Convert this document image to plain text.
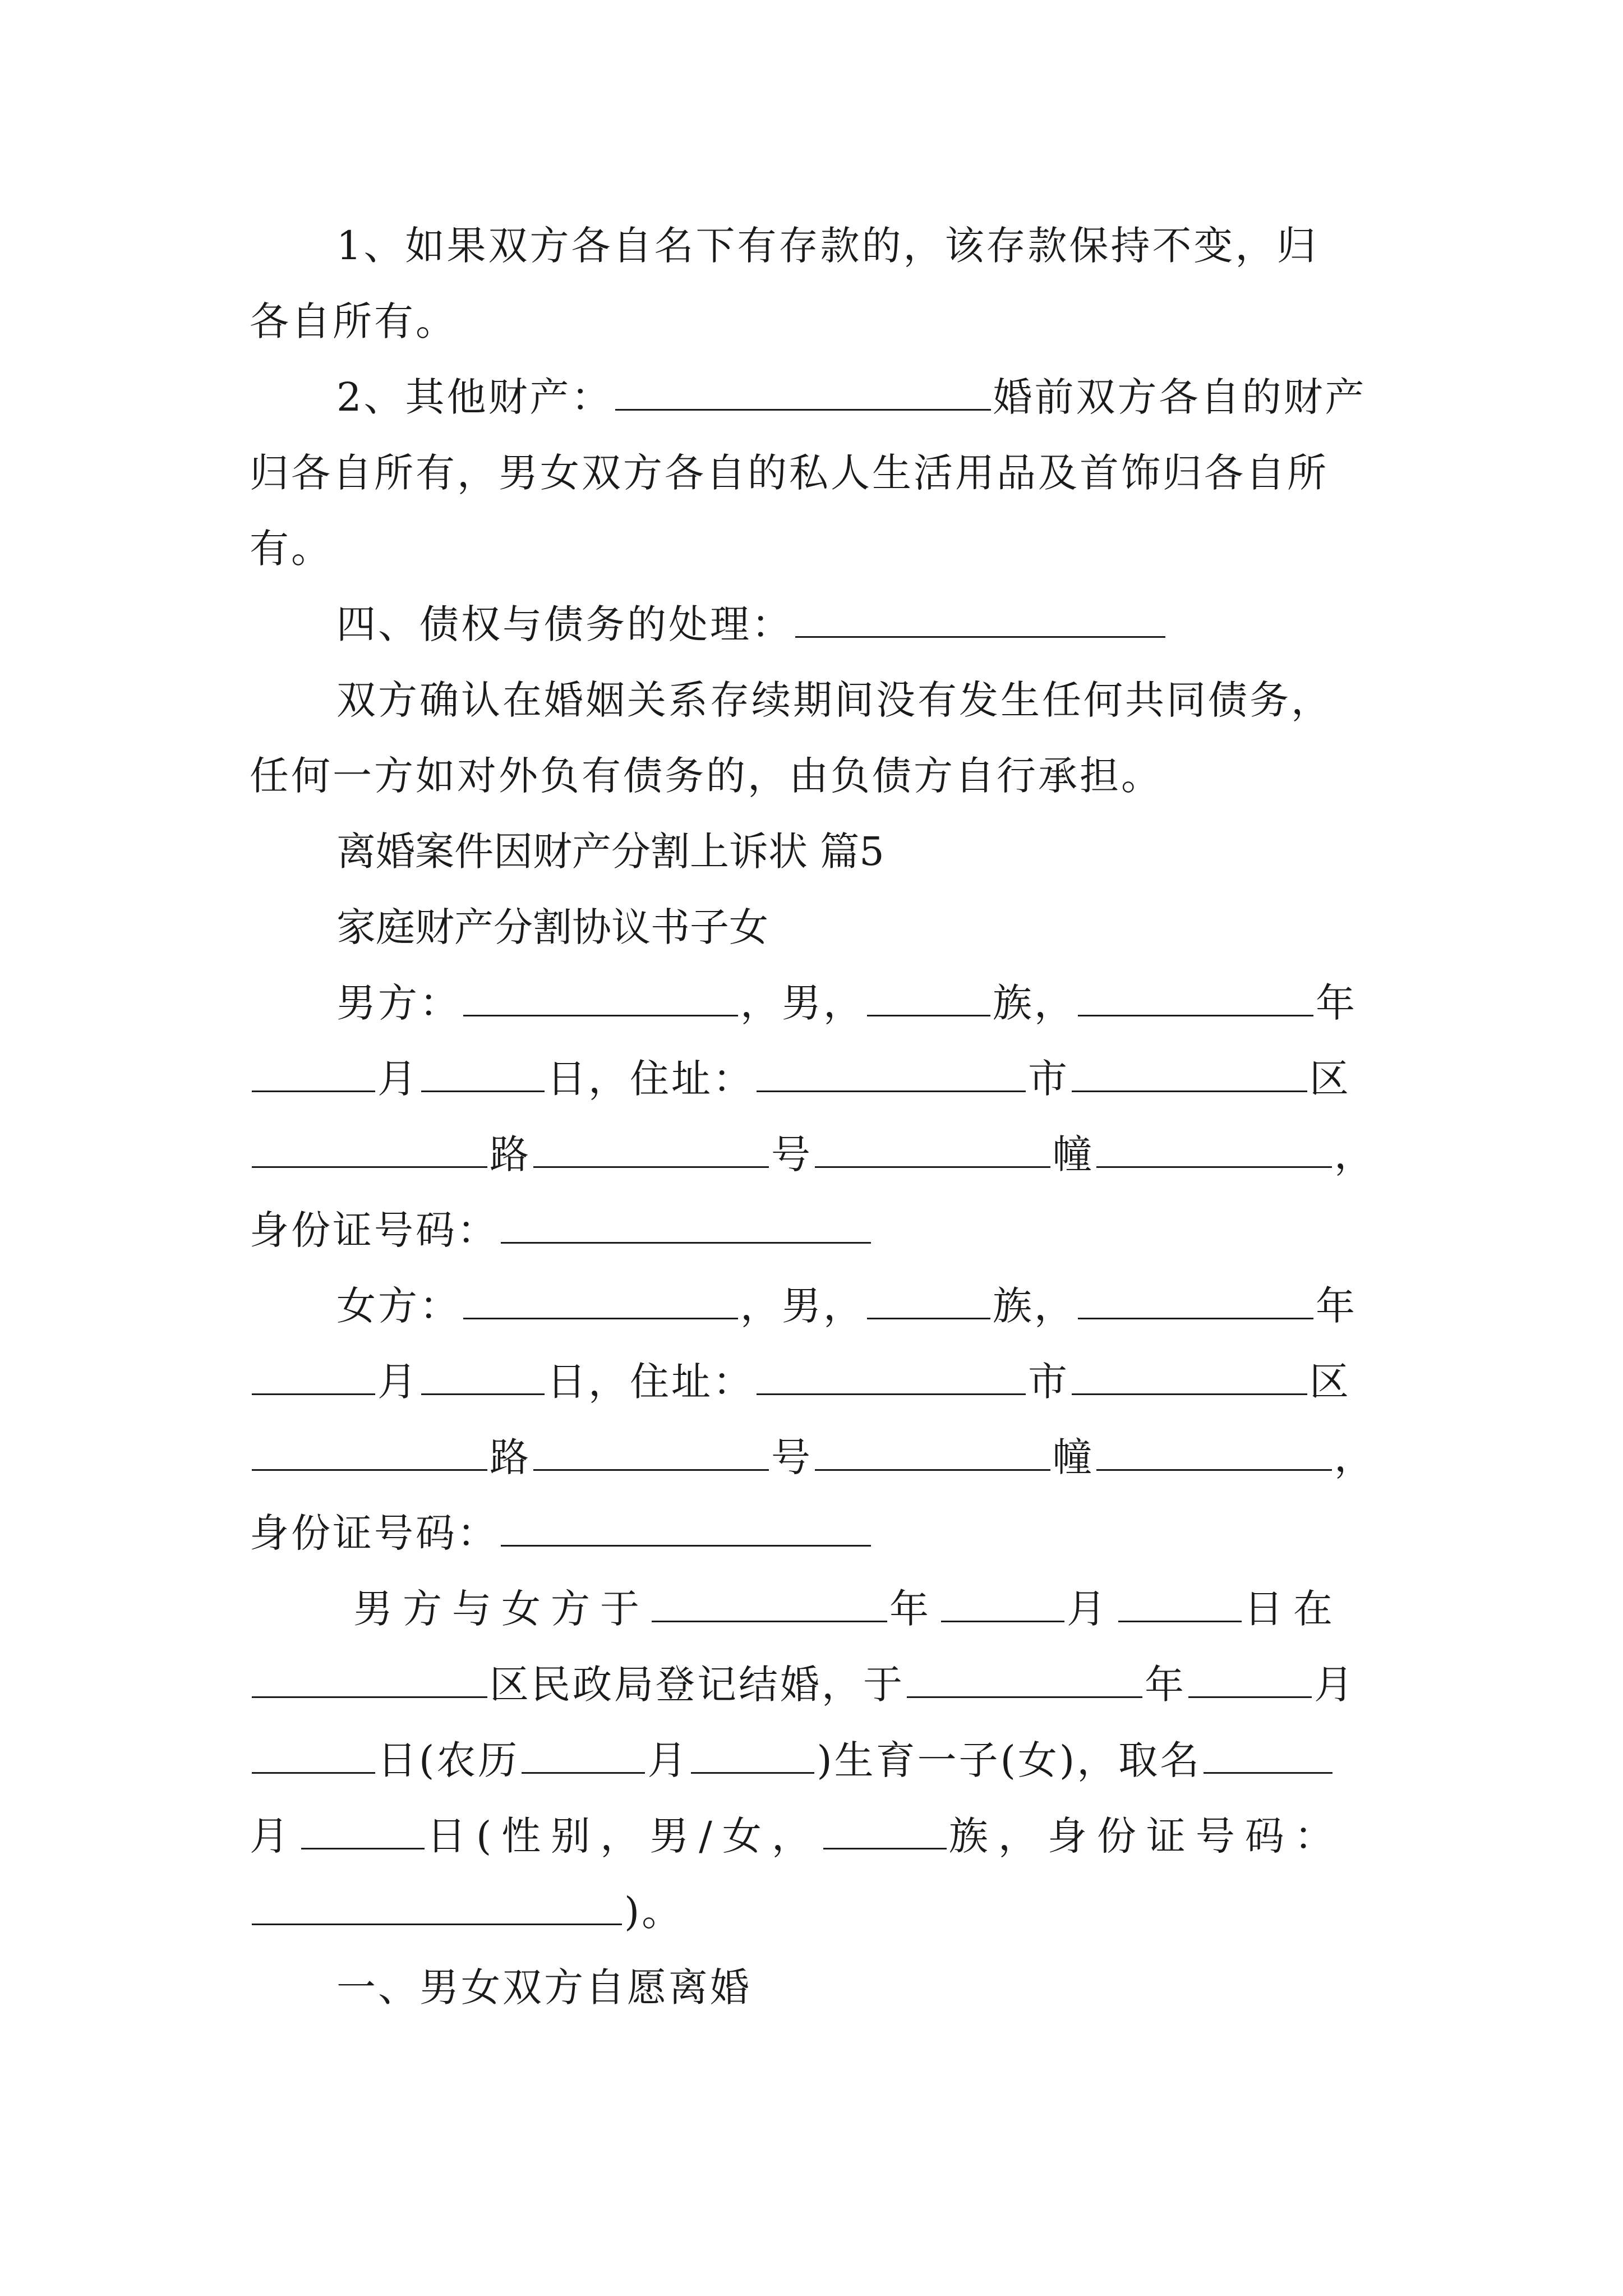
1、如果双方各自名下有存款的，该存款保持不变，归
各自所有。
2、其他财产：	婚前双方各自的财产
归各自所有，男女双方各自的私人生活用品及首饰归各自所
有。
四、债权与债务的处理：
双方确认在婚姻关系存续期间没有发生任何共同债务，
任何一方如对外负有债务的，由负债方自行承担。
离婚案件因财产分割上诉状 篇5
家庭财产分割协议书子女
男方：	，男，	族，	年
月	日，住址：	市	区
路	号	幢	，
身份证号码：
女方：	，男，	族，	年
月	日，住址：	市	区
路	号	幢	，
身份证号码：
男方与女方于	年	月	日在
区民政局登记结婚，于	年	月
日(农历	月	)生育一子(女)，取名
月	日(性别，男/女，	族，身份证号码：
)。
一、男女双方自愿离婚
